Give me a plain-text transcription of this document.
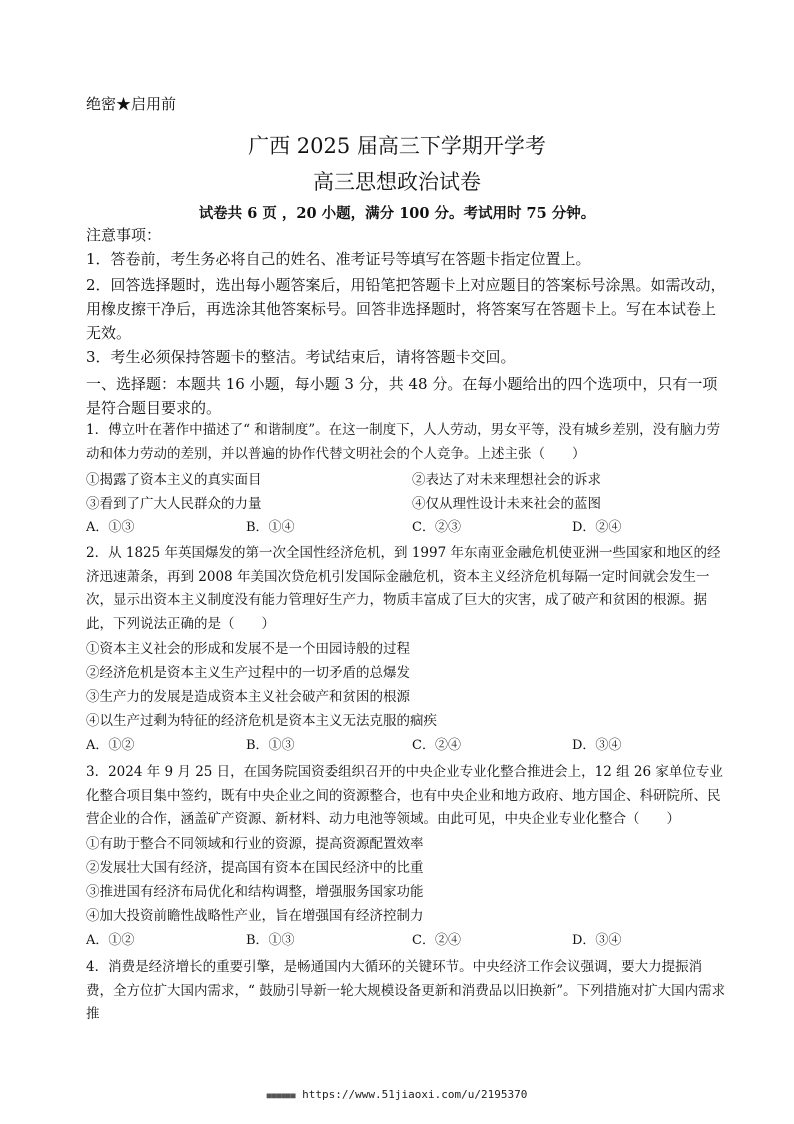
绝密★启用前
广西 2025 届高三下学期开学考
高三思想政治试卷
试卷共 6 页 ，20 小题，满分 100 分。考试用时 75 分钟。
注意事项：
1．答卷前，考生务必将自己的姓名、准考证号等填写在答题卡指定位置上。
2．回答选择题时，选出每小题答案后，用铅笔把答题卡上对应题目的答案标号涂黑。如需改动，用橡皮擦干净后，再选涂其他答案标号。回答非选择题时，将答案写在答题卡上。写在本试卷上无效。
3．考生必须保持答题卡的整洁。考试结束后，请将答题卡交回。
一、选择题：本题共 16 小题，每小题 3 分，共 48 分。在每小题给出的四个选项中，只有一项是符合题目要求的。
1．傅立叶在著作中描述了“ 和谐制度”。在这一制度下，人人劳动，男女平等，没有城乡差别，没有脑力劳动和体力劳动的差别，并以普遍的协作代替文明社会的个人竞争。上述主张（　　）
①揭露了资本主义的真实面目	②表达了对未来理想社会的诉求
③看到了广大人民群众的力量	④仅从理性设计未来社会的蓝图
A．①③	B．①④	C．②③	D．②④
2．从 1825 年英国爆发的第一次全国性经济危机，到 1997 年东南亚金融危机使亚洲一些国家和地区的经济迅速萧条，再到 2008 年美国次贷危机引发国际金融危机，资本主义经济危机每隔一定时间就会发生一次，显示出资本主义制度没有能力管理好生产力，物质丰富成了巨大的灾害，成了破产和贫困的根源。据此，下列说法正确的是（　　）
①资本主义社会的形成和发展不是一个田园诗般的过程
②经济危机是资本主义生产过程中的一切矛盾的总爆发
③生产力的发展是造成资本主义社会破产和贫困的根源
④以生产过剩为特征的经济危机是资本主义无法克服的痼疾
A．①②	B．①③	C．②④	D．③④
3．2024 年 9 月 25 日，在国务院国资委组织召开的中央企业专业化整合推进会上，12 组 26 家单位专业化整合项目集中签约，既有中央企业之间的资源整合，也有中央企业和地方政府、地方国企、科研院所、民营企业的合作，涵盖矿产资源、新材料、动力电池等领域。由此可见，中央企业专业化整合（　　）
①有助于整合不同领域和行业的资源，提高资源配置效率
②发展壮大国有经济，提高国有资本在国民经济中的比重
③推进国有经济布局优化和结构调整，增强服务国家功能
④加大投资前瞻性战略性产业，旨在增强国有经济控制力
A．①②	B．①③	C．②④	D．③④
4．消费是经济增长的重要引擎，是畅通国内大循环的关键环节。中央经济工作会议强调，要大力提振消费，全方位扩大国内需求，“ 鼓励引导新一轮大规模设备更新和消费品以旧换新”。下列措施对扩大国内需求推
■■■■■■ https://www.51jiaoxi.com/u/2195370
